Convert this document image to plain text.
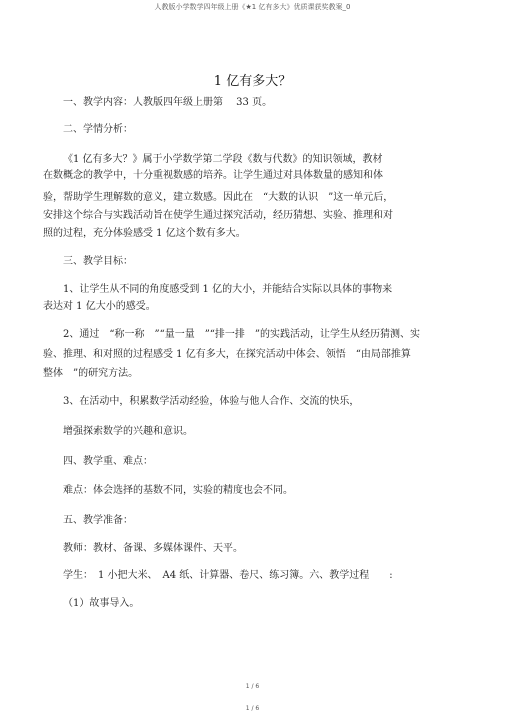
人教版小学数学四年级上册《★1 亿有多大》优质课获奖教案_0
1 亿有多大？
一、教学内容：人教版四年级上册第　 33 页。
二、学情分析：
《1 亿有多大？》属于小学数学第二学段《数与代数》的知识领域，教材
在数概念的教学中，十分重视数感的培养。让学生通过对具体数量的感知和体
验，帮助学生理解数的意义，建立数感。因此在　“大数的认识　”这一单元后，
安排这个综合与实践活动旨在使学生通过探究活动，经历猜想、实验、推理和对
照的过程，充分体验感受 1 亿这个数有多大。
三、教学目标：
1、让学生从不同的角度感受到 1 亿的大小，并能结合实际以具体的事物来
表达对 1 亿大小的感受。
2、通过　“称一称　”“量一量　”“排一排　”的实践活动，让学生从经历猜测、实
验、推理、和对照的过程感受 1 亿有多大，在探究活动中体会、领悟　“由局部推算
整体　”的研究方法。
3、在活动中，积累数学活动经验，体验与他人合作、交流的快乐，
增强探索数学的兴趣和意识。
四、教学重、难点：
难点：体会选择的基数不同，实验的精度也会不同。
五、教学准备：
教师：教材、备课、多媒体课件、天平。
学生：　1 小把大米、　A4 纸、计算器、卷尺、练习簿。六、教学过程　　:
（1）故事导入。
1 / 6
1 / 6
